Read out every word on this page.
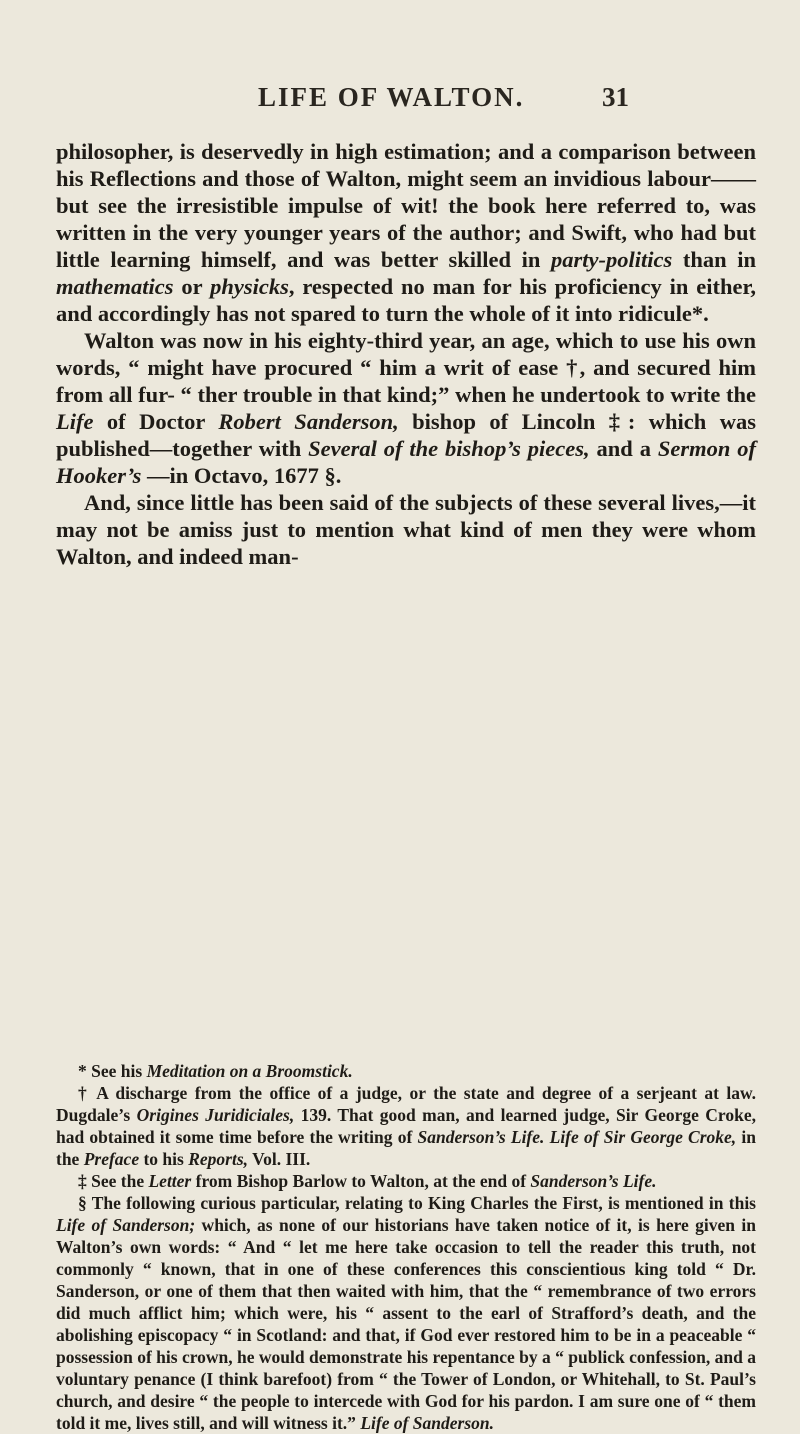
LIFE OF WALTON.	31

philosopher, is deservedly in high estimation; and a comparison between his Reflections and those of Walton, might seem an invidious labour——but see the irresistible impulse of wit! the book here referred to, was written in the very younger years of the author; and Swift, who had but little learning himself, and was better skilled in party-politics than in mathematics or physicks, respected no man for his proficiency in either, and accordingly has not spared to turn the whole of it into ridicule*.

Walton was now in his eighty-third year, an age, which to use his own words, “ might have procured “ him a writ of ease †, and secured him from all fur- “ ther trouble in that kind;” when he undertook to write the Life of Doctor Robert Sanderson, bishop of Lincoln ‡: which was published—together with Several of the bishop’s pieces, and a Sermon of Hooker’s —in Octavo, 1677 §.

And, since little has been said of the subjects of these several lives,—it may not be amiss just to mention what kind of men they were whom Walton, and indeed man-

* See his Meditation on a Broomstick.

† A discharge from the office of a judge, or the state and degree of a serjeant at law. Dugdale’s Origines Juridiciales, 139. That good man, and learned judge, Sir George Croke, had obtained it some time before the writing of Sanderson’s Life. Life of Sir George Croke, in the Preface to his Reports, Vol. III.

‡ See the Letter from Bishop Barlow to Walton, at the end of Sanderson’s Life.

§ The following curious particular, relating to King Charles the First, is mentioned in this Life of Sanderson; which, as none of our historians have taken notice of it, is here given in Walton’s own words: “ And “ let me here take occasion to tell the reader this truth, not commonly “ known, that in one of these conferences this conscientious king told “ Dr. Sanderson, or one of them that then waited with him, that the “ remembrance of two errors did much afflict him; which were, his “ assent to the earl of Strafford’s death, and the abolishing episcopacy “ in Scotland: and that, if God ever restored him to be in a peaceable “ possession of his crown, he would demonstrate his repentance by a “ publick confession, and a voluntary penance (I think barefoot) from “ the Tower of London, or Whitehall, to St. Paul’s church, and desire “ the people to intercede with God for his pardon. I am sure one of “ them told it me, lives still, and will witness it.” Life of Sanderson.
